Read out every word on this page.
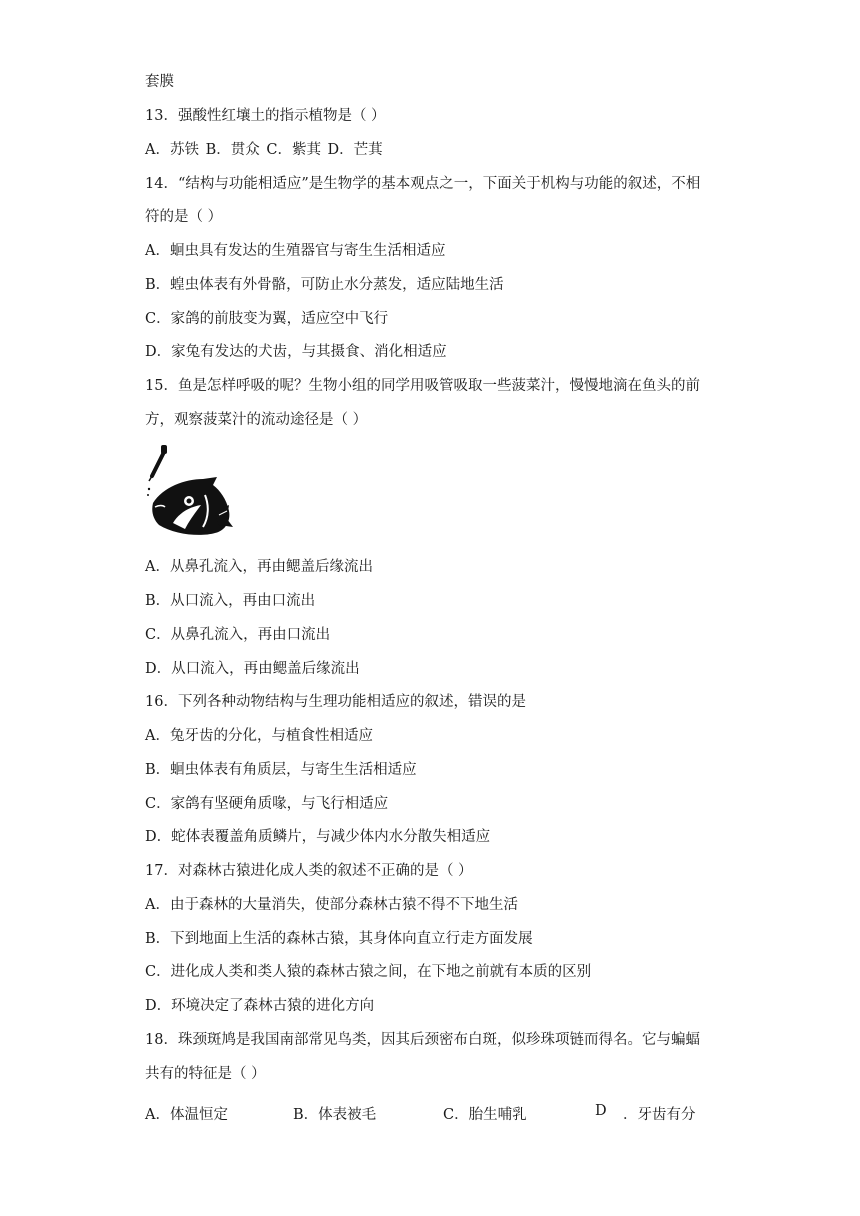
套膜
13．强酸性红壤土的指示植物是（ ）
A．苏铁 B．贯众 C．紫萁 D．芒萁
14．“结构与功能相适应”是生物学的基本观点之一，下面关于机构与功能的叙述，不相
符的是（ ）
A．蛔虫具有发达的生殖器官与寄生生活相适应
B．蝗虫体表有外骨骼，可防止水分蒸发，适应陆地生活
C．家鸽的前肢变为翼，适应空中飞行
D．家兔有发达的犬齿，与其摄食、消化相适应
15．鱼是怎样呼吸的呢？生物小组的同学用吸管吸取一些菠菜汁，慢慢地滴在鱼头的前
方，观察菠菜汁的流动途径是（ ）
A．从鼻孔流入，再由鳃盖后缘流出
B．从口流入，再由口流出
C．从鼻孔流入，再由口流出
D．从口流入，再由鳃盖后缘流出
16．下列各种动物结构与生理功能相适应的叙述，错误的是
A．兔牙齿的分化，与植食性相适应
B．蛔虫体表有角质层，与寄生生活相适应
C．家鸽有坚硬角质喙，与飞行相适应
D．蛇体表覆盖角质鳞片，与减少体内水分散失相适应
17．对森林古猿进化成人类的叙述不正确的是（ ）
A．由于森林的大量消失，使部分森林古猿不得不下地生活
B．下到地面上生活的森林古猿，其身体向直立行走方面发展
C．进化成人类和类人猿的森林古猿之间，在下地之前就有本质的区别
D．环境决定了森林古猿的进化方向
18．珠颈斑鸠是我国南部常见鸟类，因其后颈密布白斑，似珍珠项链而得名。它与蝙蝠
共有的特征是（ ）
A．体温恒定	B．体表被毛	C．胎生哺乳	D ．牙齿有分
